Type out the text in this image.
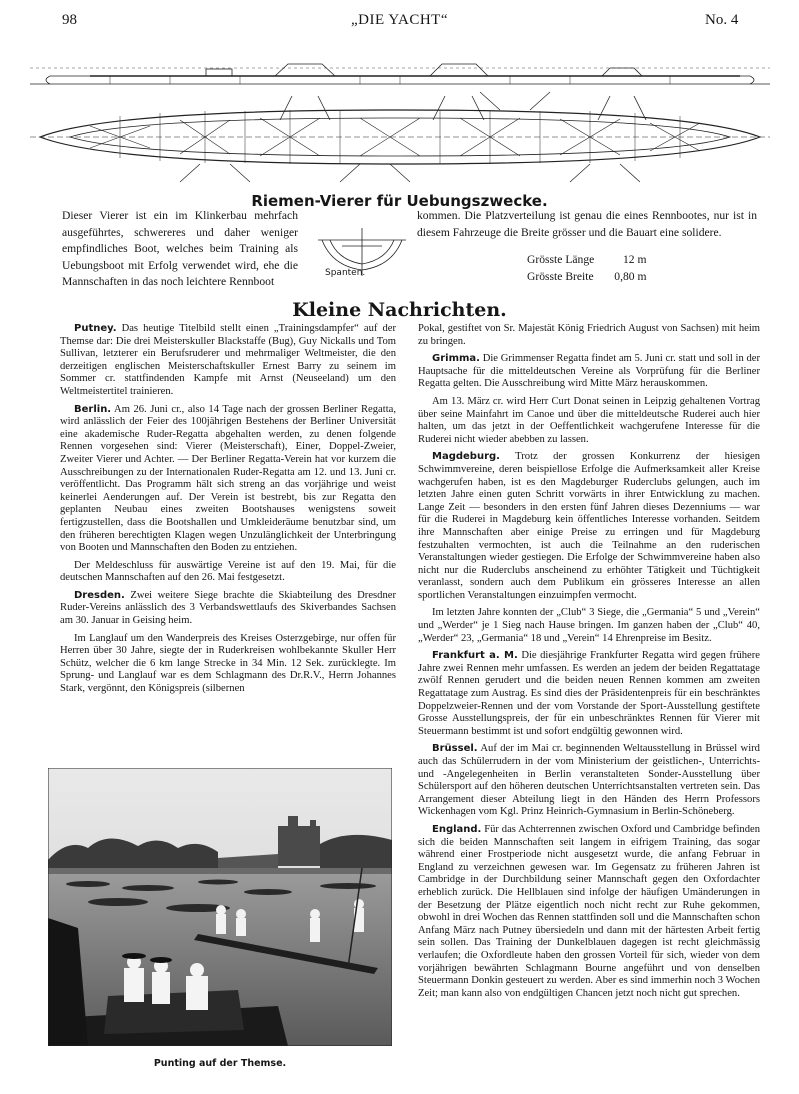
98	„DIE YACHT“	No. 4
Riemen-Vierer für Uebungszwecke.
Dieser Vierer ist ein im Klinkerbau mehrfach ausgeführtes, schwereres und daher weniger empfindliches Boot, welches beim Training als Uebungsboot mit Erfolg verwendet wird, ehe die Mannschaften in das noch leichtere Rennboot
Spanten.
kommen. Die Platzverteilung ist genau die eines Rennbootes, nur ist in diesem Fahrzeuge die Breite grösser und die Bauart eine solidere.
Grösste Länge	12 m
Grösste Breite	0,80 m
Kleine Nachrichten.

Putney. Das heutige Titelbild stellt einen „Trainingsdampfer“ auf der Themse dar: Die drei Meisterskuller Blackstaffe (Bug), Guy Nickalls und Tom Sullivan, letzterer ein Berufsruderer und mehrmaliger Weltmeister, die den derzeitigen englischen Meisterschaftskuller Ernest Barry zu seinem im Sommer cr. stattfindenden Kampfe mit Arnst (Neuseeland) um den Weltmeistertitel trainieren.

Berlin. Am 26. Juni cr., also 14 Tage nach der grossen Berliner Regatta, wird anlässlich der Feier des 100jährigen Bestehens der Berliner Universität eine akademische Ruder-Regatta abgehalten werden, zu denen folgende Rennen vorgesehen sind: Vierer (Meisterschaft), Einer, Doppel-Zweier, Zweiter Vierer und Achter. — Der Berliner Regatta-Verein hat vor kurzem die Ausschreibungen zu der Internationalen Ruder-Regatta am 12. und 13. Juni cr. veröffentlicht. Das Programm hält sich streng an das vorjährige und weist keinerlei Aenderungen auf. Der Verein ist bestrebt, bis zur Regatta den geplanten Neubau eines zweiten Bootshauses wenigstens soweit fertigzustellen, dass die Bootshallen und Umkleideräume benutzbar sind, um den früheren berechtigten Klagen wegen Unzulänglichkeit der Unterbringung von Booten und Mannschaften den Boden zu entziehen.

Der Meldeschluss für auswärtige Vereine ist auf den 19. Mai, für die deutschen Mannschaften auf den 26. Mai festgesetzt.

Dresden. Zwei weitere Siege brachte die Skiabteilung des Dresdner Ruder-Vereins anlässlich des 3 Verbandswettlaufs des Skiverbandes Sachsen am 30. Januar in Geising heim.

Im Langlauf um den Wanderpreis des Kreises Osterzgebirge, nur offen für Herren über 30 Jahre, siegte der in Ruderkreisen wohlbekannte Skuller Herr Schütz, welcher die 6 km lange Strecke in 34 Min. 12 Sek. zurücklegte. Im Sprung- und Langlauf war es dem Schlagmann des Dr.R.V., Herrn Johannes Stark, vergönnt, den Königspreis (silbernen

Punting auf der Themse.

Pokal, gestiftet von Sr. Majestät König Friedrich August von Sachsen) mit heim zu bringen.

Grimma. Die Grimmenser Regatta findet am 5. Juni cr. statt und soll in der Hauptsache für die mitteldeutschen Vereine als Vorprüfung für die Berliner Regatta gelten. Die Ausschreibung wird Mitte März herauskommen.

Am 13. März cr. wird Herr Curt Donat seinen in Leipzig gehaltenen Vortrag über seine Mainfahrt im Canoe und über die mitteldeutsche Ruderei auch hier halten, um das jetzt in der Oeffentlichkeit wachgerufene Interesse für die Ruderei nicht wieder abebben zu lassen.

Magdeburg. Trotz der grossen Konkurrenz der hiesigen Schwimmvereine, deren beispiellose Erfolge die Aufmerksamkeit aller Kreise wachgerufen haben, ist es den Magdeburger Ruderclubs gelungen, auch im letzten Jahre einen guten Schritt vorwärts in ihrer Entwicklung zu machen. Lange Zeit — besonders in den ersten fünf Jahren dieses Dezenniums — war für die Ruderei in Magdeburg kein öffentliches Interesse vorhanden. Seitdem ihre Mannschaften aber einige Preise zu erringen und für Magdeburg festzuhalten vermochten, ist auch die Teilnahme an den ruderischen Veranstaltungen wieder gestiegen. Die Erfolge der Schwimmvereine haben also nicht nur die Ruderclubs anscheinend zu erhöhter Tätigkeit und Tüchtigkeit veranlasst, sondern auch dem Publikum ein grösseres Interesse an allen sportlichen Veranstaltungen einzuimpfen vermocht.

Im letzten Jahre konnten der „Club“ 3 Siege, die „Germania“ 5 und „Verein“ und „Werder“ je 1 Sieg nach Hause bringen. Im ganzen haben der „Club“ 40, „Werder“ 23, „Germania“ 18 und „Verein“ 14 Ehrenpreise im Besitz.

Frankfurt a. M. Die diesjährige Frankfurter Regatta wird gegen frühere Jahre zwei Rennen mehr umfassen. Es werden an jedem der beiden Regattatage zwölf Rennen gerudert und die beiden neuen Rennen kommen am zweiten Regattatage zum Austrag. Es sind dies der Präsidentenpreis für ein beschränktes Doppelzweier-Rennen und der vom Vorstande der Sport-Ausstellung gestiftete Grosse Ausstellungspreis, der für ein unbeschränktes Rennen für Vierer mit Steuermann bestimmt ist und sofort endgültig gewonnen wird.

Brüssel. Auf der im Mai cr. beginnenden Weltausstellung in Brüssel wird auch das Schülerrudern in der vom Ministerium der geistlichen-, Unterrichts- und -Angelegenheiten in Berlin veranstalteten Sonder-Ausstellung über Schülersport auf den höheren deutschen Unterrichtsanstalten vertreten sein. Das Arrangement dieser Abteilung liegt in den Händen des Herrn Professors Wickenhagen vom Kgl. Prinz Heinrich-Gymnasium in Berlin-Schöneberg.

England. Für das Achterrennen zwischen Oxford und Cambridge befinden sich die beiden Mannschaften seit langem in eifrigem Training, das sogar während einer Frostperiode nicht ausgesetzt wurde, die anfang Februar in England zu verzeichnen gewesen war. Im Gegensatz zu früheren Jahren ist Cambridge in der Durchbildung seiner Mannschaft gegen den Oxfordachter erheblich zurück. Die Hellblauen sind infolge der häufigen Umänderungen in der Besetzung der Plätze eigentlich noch nicht recht zur Ruhe gekommen, obwohl in drei Wochen das Rennen stattfinden soll und die Mannschaften schon Anfang März nach Putney übersiedeln und dann mit der härtesten Arbeit fertig sein sollen. Das Training der Dunkelblauen dagegen ist recht gleichmässig verlaufen; die Oxfordleute haben den grossen Vorteil für sich, wieder von dem vorjährigen bewährten Schlagmann Bourne angeführt und von denselben Steuermann Donkin gesteuert zu werden. Aber es sind immerhin noch 3 Wochen Zeit; man kann also von endgültigen Chancen jetzt noch nicht gut sprechen.
